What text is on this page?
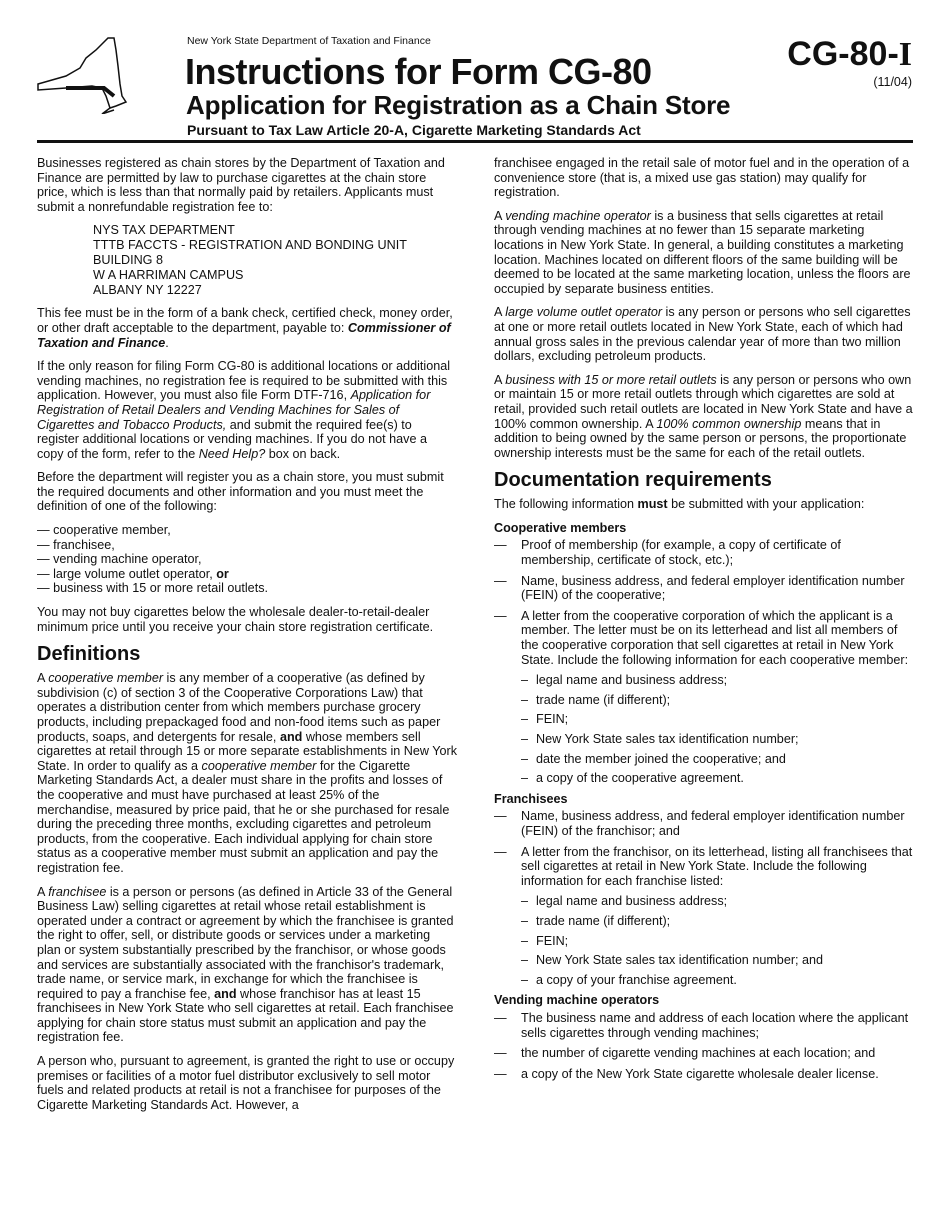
New York State Department of Taxation and Finance
Instructions for Form CG-80
Application for Registration as a Chain Store
Pursuant to Tax Law Article 20-A, Cigarette Marketing Standards Act
CG-80-I
(11/04)

Businesses registered as chain stores by the Department of Taxation and Finance are permitted by law to purchase cigarettes at the chain store price, which is less than that normally paid by retailers. Applicants must submit a nonrefundable registration fee to:

NYS TAX DEPARTMENT
TTTB FACCTS - REGISTRATION AND BONDING UNIT
BUILDING 8
W A HARRIMAN CAMPUS
ALBANY NY 12227

This fee must be in the form of a bank check, certified check, money order, or other draft acceptable to the department, payable to: Commissioner of Taxation and Finance.

If the only reason for filing Form CG-80 is additional locations or additional vending machines, no registration fee is required to be submitted with this application. However, you must also file Form DTF-716, Application for Registration of Retail Dealers and Vending Machines for Sales of Cigarettes and Tobacco Products, and submit the required fee(s) to register additional locations or vending machines. If you do not have a copy of the form, refer to the Need Help? box on back.

Before the department will register you as a chain store, you must submit the required documents and other information and you must meet the definition of one of the following:

— cooperative member,
— franchisee,
— vending machine operator,
— large volume outlet operator, or
— business with 15 or more retail outlets.

You may not buy cigarettes below the wholesale dealer-to-retail-dealer minimum price until you receive your chain store registration certificate.

Definitions

A cooperative member is any member of a cooperative (as defined by subdivision (c) of section 3 of the Cooperative Corporations Law) that operates a distribution center from which members purchase grocery products, including prepackaged food and non-food items such as paper products, soaps, and detergents for resale, and whose members sell cigarettes at retail through 15 or more separate establishments in New York State. In order to qualify as a cooperative member for the Cigarette Marketing Standards Act, a dealer must share in the profits and losses of the cooperative and must have purchased at least 25% of the merchandise, measured by price paid, that he or she purchased for resale during the preceding three months, excluding cigarettes and petroleum products, from the cooperative. Each individual applying for chain store status as a cooperative member must submit an application and pay the registration fee.

A franchisee is a person or persons (as defined in Article 33 of the General Business Law) selling cigarettes at retail whose retail establishment is operated under a contract or agreement by which the franchisee is granted the right to offer, sell, or distribute goods or services under a marketing plan or system substantially prescribed by the franchisor, or whose goods and services are substantially associated with the franchisor's trademark, trade name, or service mark, in exchange for which the franchisee is required to pay a franchise fee, and whose franchisor has at least 15 franchisees in New York State who sell cigarettes at retail. Each franchisee applying for chain store status must submit an application and pay the registration fee.

A person who, pursuant to agreement, is granted the right to use or occupy premises or facilities of a motor fuel distributor exclusively to sell motor fuels and related products at retail is not a franchisee for purposes of the Cigarette Marketing Standards Act. However, a

franchisee engaged in the retail sale of motor fuel and in the operation of a convenience store (that is, a mixed use gas station) may qualify for registration.

A vending machine operator is a business that sells cigarettes at retail through vending machines at no fewer than 15 separate marketing locations in New York State. In general, a building constitutes a marketing location. Machines located on different floors of the same building will be deemed to be located at the same marketing location, unless the floors are occupied by separate business entities.

A large volume outlet operator is any person or persons who sell cigarettes at one or more retail outlets located in New York State, each of which had annual gross sales in the previous calendar year of more than two million dollars, excluding petroleum products.

A business with 15 or more retail outlets is any person or persons who own or maintain 15 or more retail outlets through which cigarettes are sold at retail, provided such retail outlets are located in New York State and have a 100% common ownership. A 100% common ownership means that in addition to being owned by the same person or persons, the proportionate ownership interests must be the same for each of the retail outlets.

Documentation requirements

The following information must be submitted with your application:

Cooperative members
—	Proof of membership (for example, a copy of certificate of membership, certificate of stock, etc.);
—	Name, business address, and federal employer identification number (FEIN) of the cooperative;
—	A letter from the cooperative corporation of which the applicant is a member. The letter must be on its letterhead and list all members of the cooperative corporation that sell cigarettes at retail in New York State. Include the following information for each cooperative member:
– legal name and business address;
– trade name (if different);
– FEIN;
– New York State sales tax identification number;
– date the member joined the cooperative; and
– a copy of the cooperative agreement.
Franchisees
—	Name, business address, and federal employer identification number (FEIN) of the franchisor; and
—	A letter from the franchisor, on its letterhead, listing all franchisees that sell cigarettes at retail in New York State. Include the following information for each franchise listed:
– legal name and business address;
– trade name (if different);
– FEIN;
– New York State sales tax identification number; and
– a copy of your franchise agreement.
Vending machine operators
—	The business name and address of each location where the applicant sells cigarettes through vending machines;
—	the number of cigarette vending machines at each location; and
—	a copy of the New York State cigarette wholesale dealer license.
